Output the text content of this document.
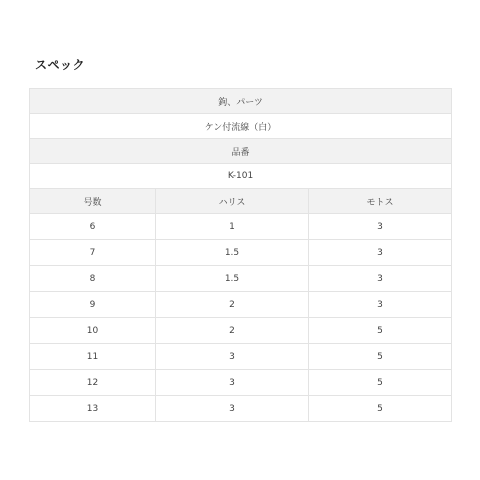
スペック
鉤、パーツ		
ケン付流線（白）		
品番		
K-101		
号数	ハリス	モトス
6	1	3
7	1.5	3
8	1.5	3
9	2	3
10	2	5
11	3	5
12	3	5
13	3	5
